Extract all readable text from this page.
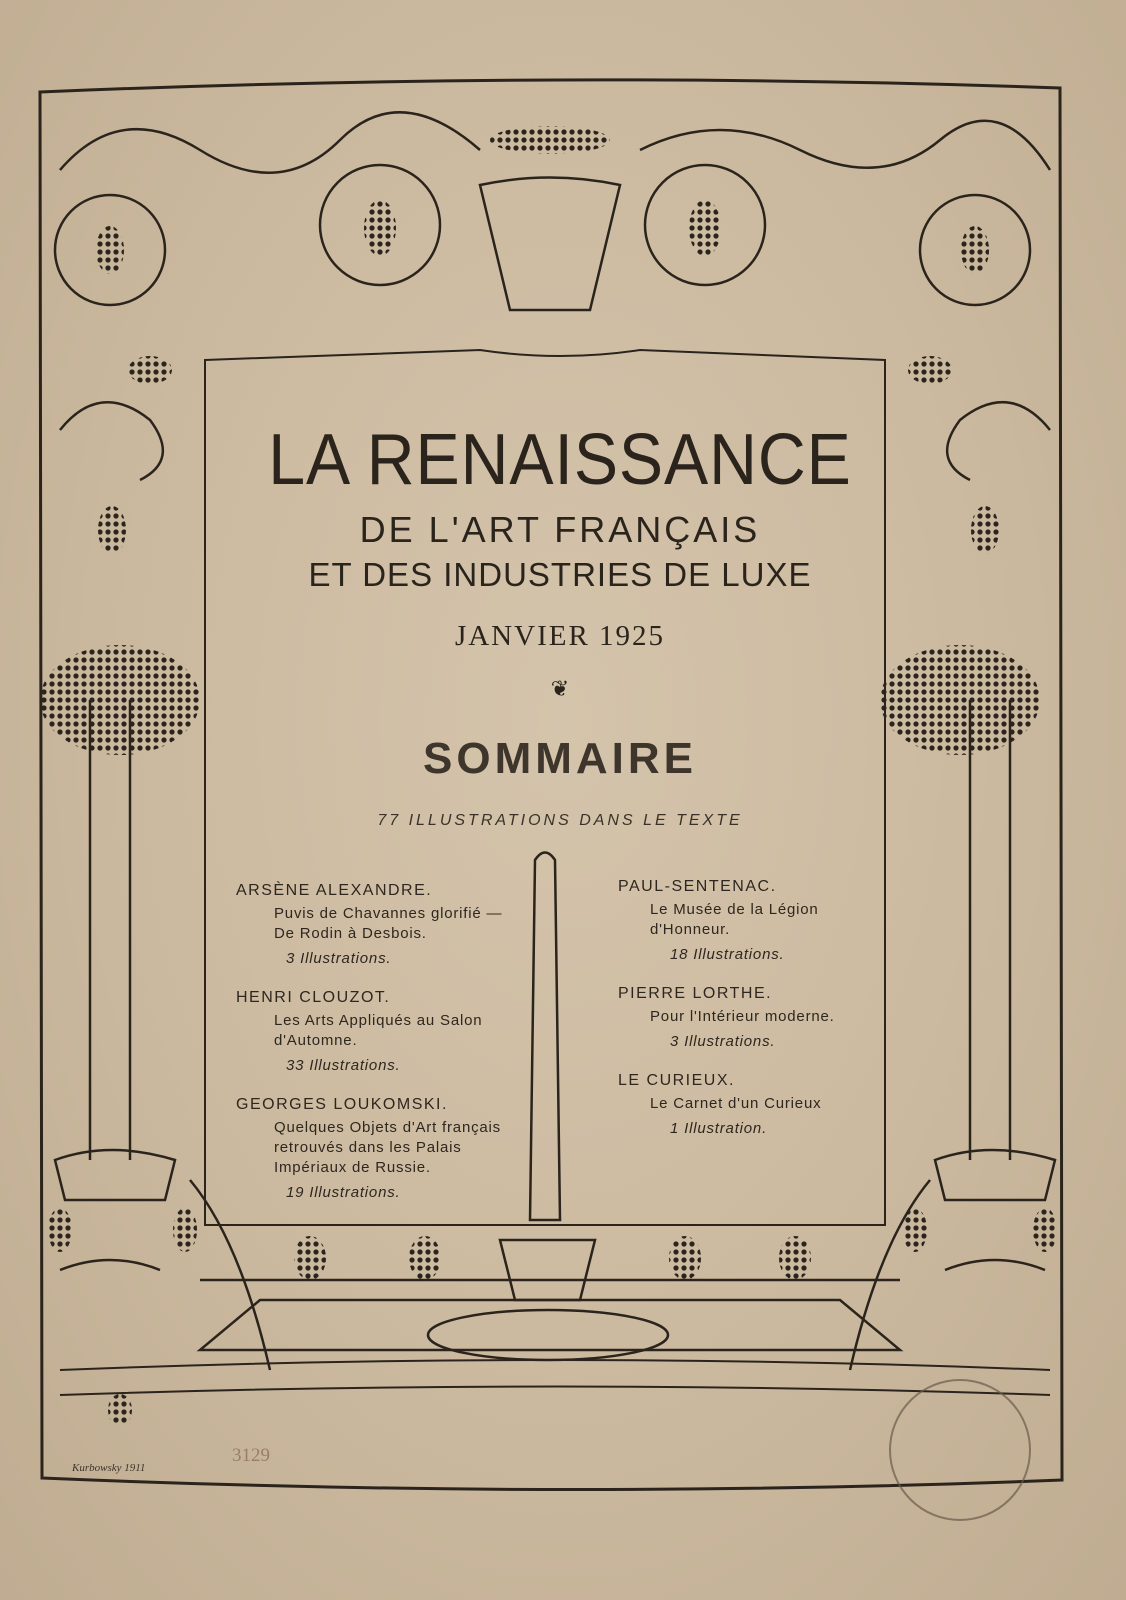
LA RENAISSANCE
DE L'ART FRANÇAIS
ET DES INDUSTRIES DE LUXE
JANVIER 1925
❦
SOMMAIRE
77 ILLUSTRATIONS DANS LE TEXTE
ARSÈNE ALEXANDRE.
Puvis de Chavannes glorifié — De Rodin à Desbois.
3 Illustrations.
HENRI CLOUZOT.
Les Arts Appliqués au Salon d'Automne.
33 Illustrations.
GEORGES LOUKOMSKI.
Quelques Objets d'Art français retrouvés dans les Palais Impériaux de Russie.
19 Illustrations.
PAUL-SENTENAC.
Le Musée de la Légion d'Honneur.
18 Illustrations.
PIERRE LORTHE.
Pour l'Intérieur moderne.
3 Illustrations.
LE CURIEUX.
Le Carnet d'un Curieux
1 Illustration.
3129
Kurbowsky 1911
